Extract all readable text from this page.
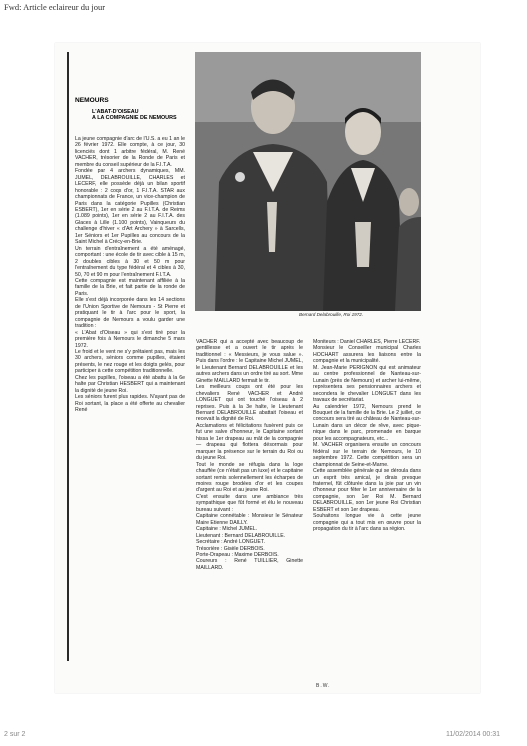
Fwd: Article eclaireur du jour
NEMOURS
L'ABAT-D'OISEAU
A LA COMPAGNIE DE NEMOURS
Bernard Delabrouille, Roi 1972.
La jeune compagnie d'arc de l'U.S. a eu 1 an le 26 février 1972. Elle compte, à ce jour, 30 licenciés dont 1 arbitre fédéral, M. René VACHER, trésorier de la Ronde de Paris et membre du conseil supérieur de la F.I.T.A.
Fondée par 4 archers dynamiques, MM. JUMEL, DELABROUILLE, CHARLES et LECERF, elle possède déjà un bilan sportif honorable : 2 coqs d'or, 1 F.I.T.A. STAR aux championnats de France, un vice-champion de Paris dans la catégorie Pupilles (Christian ESBERT), 1er en série 2 au F.I.T.A. de Reims (1.089 points), 1er en série 2 au F.I.T.A. des Glaces à Lille (1.100 points), Vainqueurs du challenge d'hiver « d'Art Archery » à Sarcells, 1er Séniors et 1er Pupilles au concours de la Saint Michel à Crécy-en-Brie.
Un terrain d'entraînement a été aménagé, comportant : une école de tir avec cible à 15 m, 2 doubles cibles à 30 et 50 m pour l'entraînement du type fédéral et 4 cibles à 30, 50, 70 et 90 m pour l'entraînement F.I.T.A.
Cette compagnie est maintenant affiliée à la famille de la Brie, et fait partie de la ronde de Paris.
Elle s'est déjà incorporée dans les 14 sections de l'Union Sportive de Nemours - St Pierre et pratiquant le tir à l'arc pour le sport, la compagnie de Nemours a voulu garder une tradition :
« L'Abat d'Oiseau » qui s'est tiré pour la première fois à Nemours le dimanche 5 mars 1972.
Le froid et le vent ne s'y prêtaient pas, mais les 30 archers, séniors comme pupilles, étaient présents, le nez rouge et les doigts gelés, pour participer à cette compétition traditionnelle.
Chez les pupilles, l'oiseau a été abattu à la 6e halte par Christian HESBERT qui a maintenant la dignité de jeune Roi.
Les séniors furent plus rapides. N'ayant pas de Roi sortant, la place a été offerte au chevalier René
VACHER qui a accepté avec beaucoup de gentillesse et a ouvert le tir après le traditionnel : « Messieurs, je vous salue ». Puis dans l'ordre : le Capitaine Michel JUMEL, le Lieutenant Bernard DELABROUILLE et les autres archers dans un ordre tiré au sort. Mme Ginette MAILLARD fermait le tir.
Les meilleurs coups ont été pour les chevaliers René VACHER et André LONGUET qui ont touché l'oiseau à 2 reprises. Puis à la 3e halte, le Lieutenant Bernard DELABROUILLE abattait l'oiseau et recevait la dignité de Roi.
Acclamations et félicitations fusèrent puis ce fut une salve d'honneur, le Capitaine sortant hissa le 1er drapeau au mât de la compagnie — drapeau qui flottera désormais pour marquer la présence sur le terrain du Roi ou du jeune Roi.
Tout le monde se réfugia dans la loge chauffée (ce n'était pas un luxe) et le capitaine sortant remis solennellement les écharpes de moires rouge brodées d'or et les coupes d'argent au Roi et au jeune Roi.
C'est ensuite dans une ambiance très sympathique que fût formé et élu le nouveau bureau suivant :
Capitaine connétable : Monsieur le Sénateur Maire Etienne DAILLY.
Capitaine : Michel JUMEL.
Lieutenant : Bernard DELABROUILLE.
Secrétaire : André LONGUET.
Trésorière : Gisèle DERBOIS.
Porte-Drapeau : Maxime DERBOIS.
Coureurs : René TUILLIER, Ginette MAILLARD.
Moniteurs : Daniel CHARLES, Pierre LECERF.
Monsieur le Conseiller municipal Charles HOCHART assurera les liaisons entre la compagnie et la municipalité.
M. Jean-Marie PERIGNON qui est animateur au centre professionnel de Nanteau-sur-Lunain (près de Nemours) et archer lui-même, représentera ses pensionnaires archers et secondera le chevalier LONGUET dans les travaux de secrétariat.
Au calendrier 1972, Nemours prend le Bouquet de la famille de la Brie. Le 2 juillet, ce concours sera tiré au château de Nanteau-sur-Lunain dans un décor de rêve, avec pique-nique dans le parc, promenade en barque pour les accompagnateurs, etc...
M. VACHER organisera ensuite un concours fédéral sur le terrain de Nemours, le 10 septembre 1972. Cette compétition sera un championnat de Seine-et-Marne.
Cette assemblée générale qui se déroula dans un esprit très amical, je dirais presque fraternel, fût clôturée dans la joie par un vin d'honneur pour fêter le 1er anniversaire de la compagnie, son 1er Roi M. Bernard DELABROUILLE, son 1er jeune Roi Christian ESBERT et son 1er drapeau.
Souhaitons longue vie à cette jeune compagnie qui a tout mis en œuvre pour la propagation du tir à l'arc dans sa région.
B.W.
2 sur 2	11/02/2014 00:31
